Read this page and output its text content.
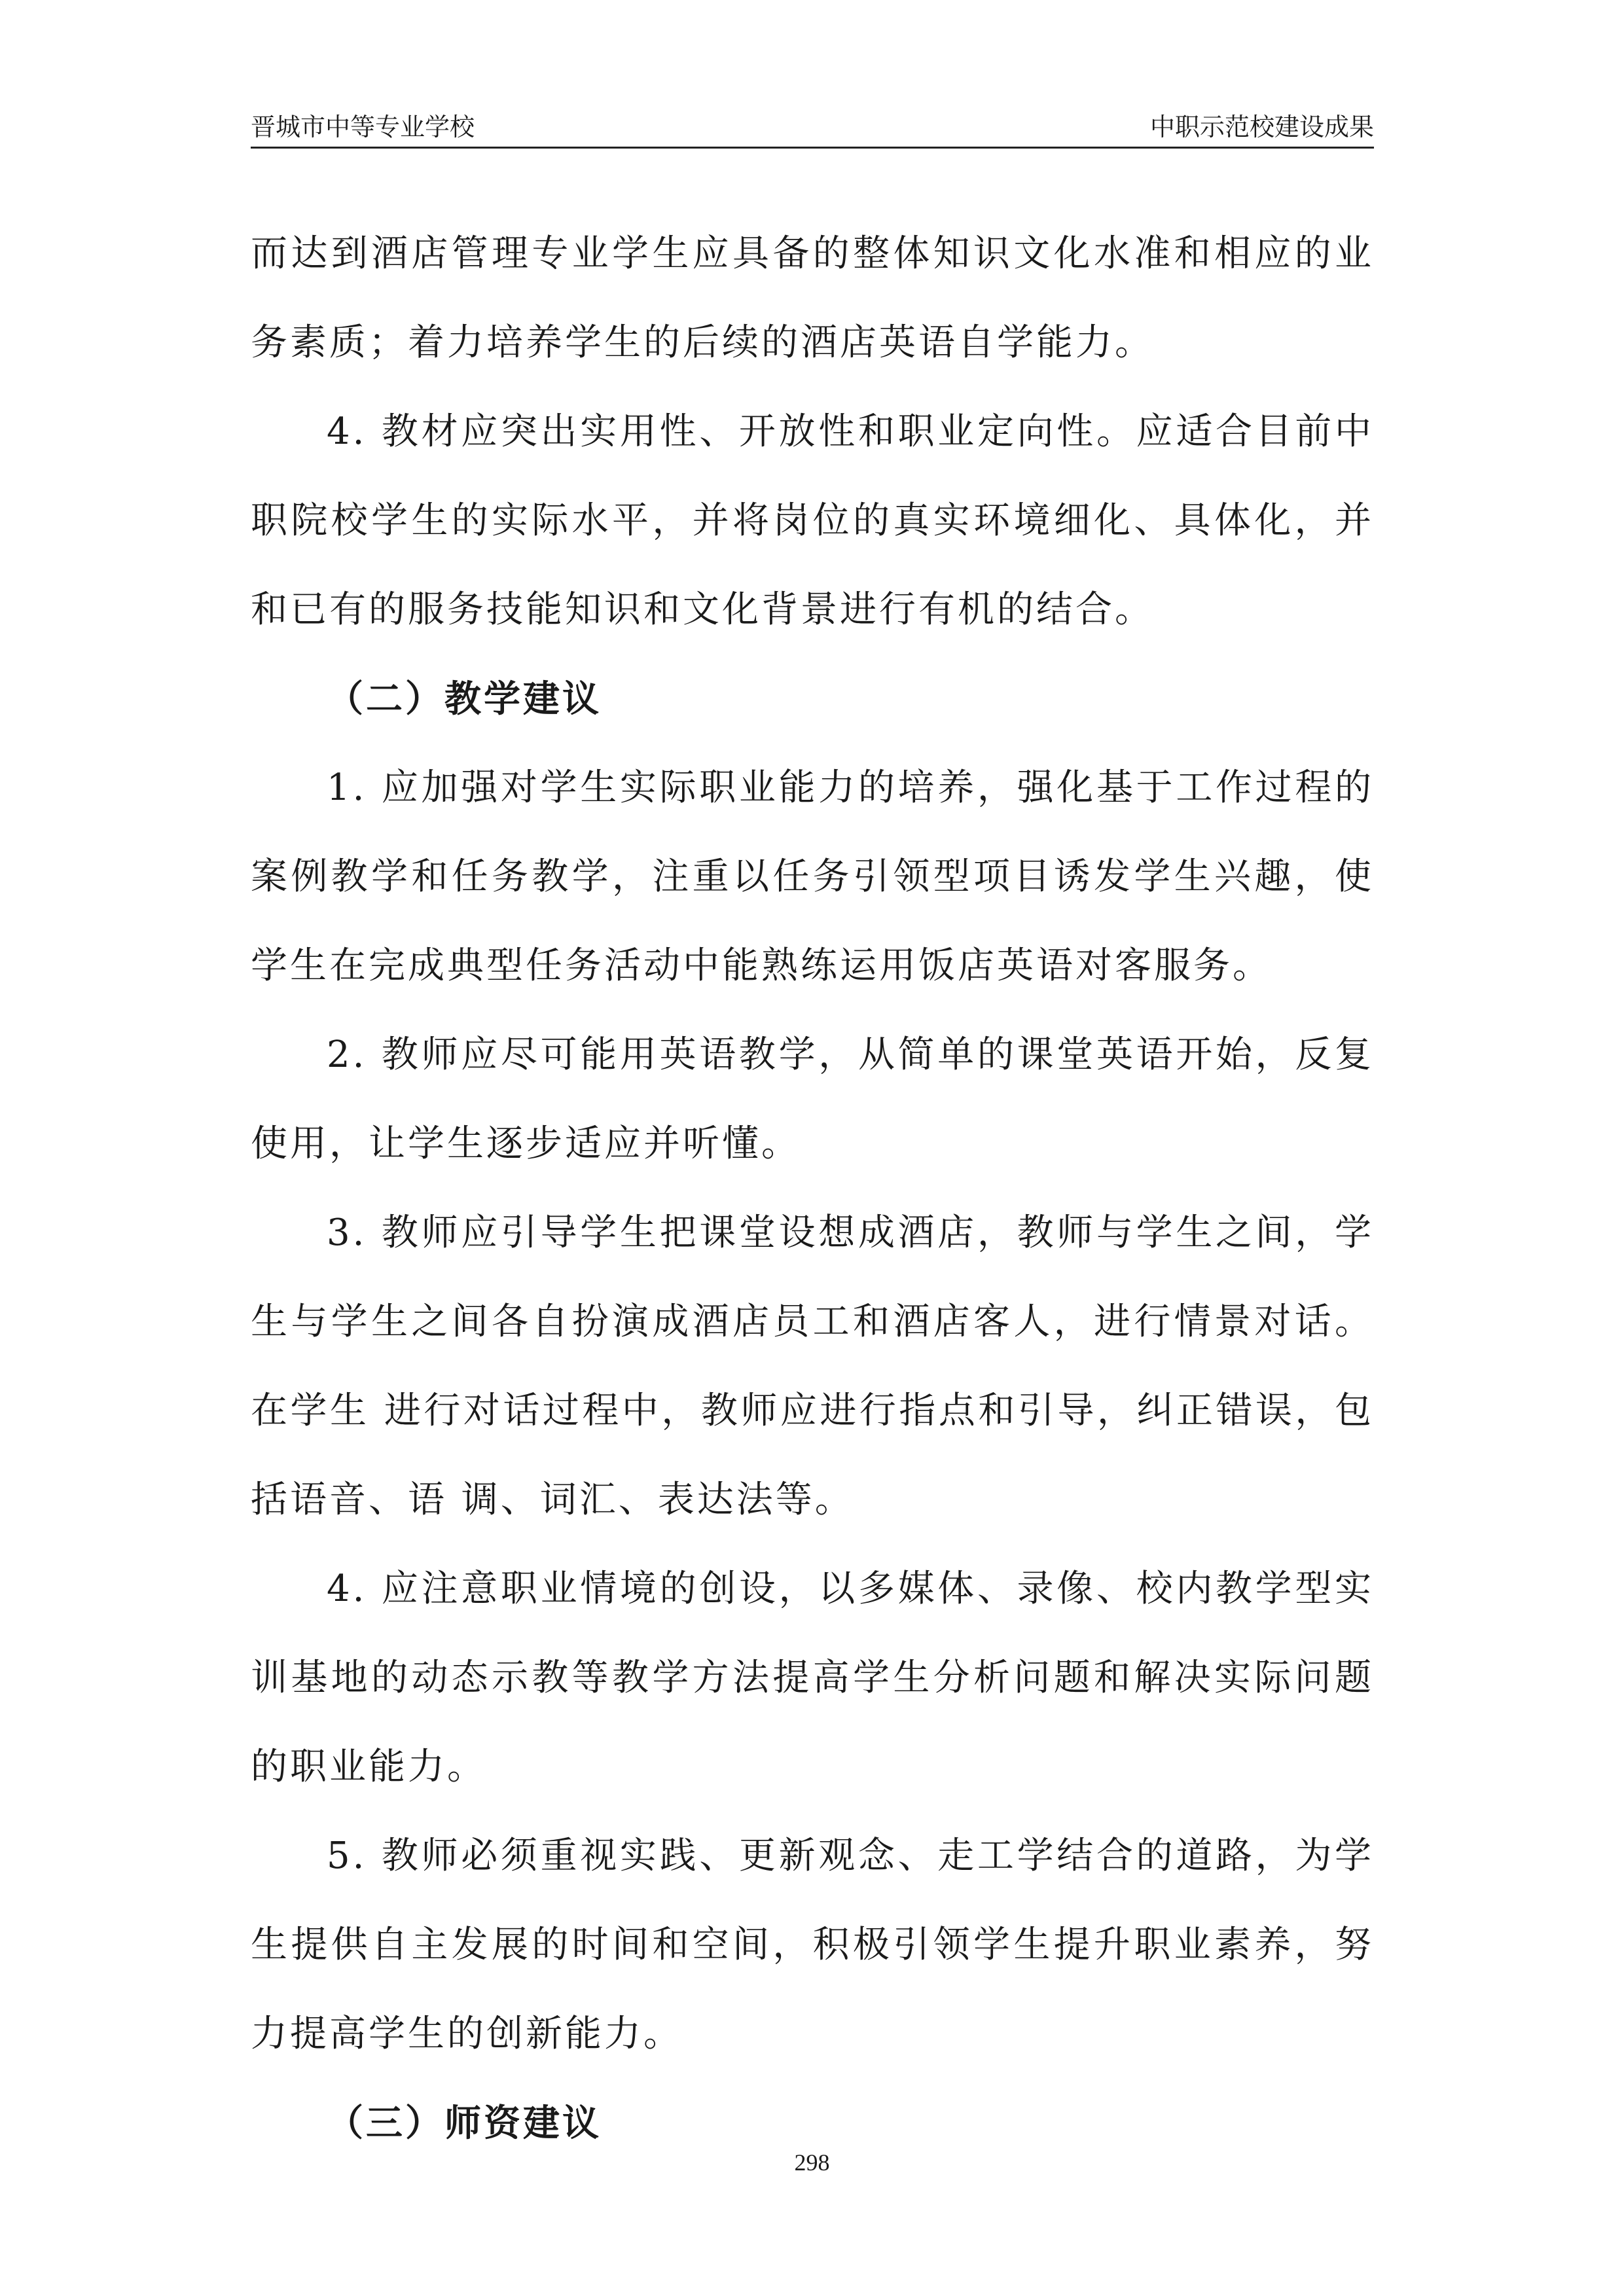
晋城市中等专业学校	中职示范校建设成果

而达到酒店管理专业学生应具备的整体知识文化水准和相应的业务素质；着力培养学生的后续的酒店英语自学能力。

4. 教材应突出实用性、开放性和职业定向性。应适合目前中职院校学生的实际水平，并将岗位的真实环境细化、具体化，并和已有的服务技能知识和文化背景进行有机的结合。

（二）教学建议

1. 应加强对学生实际职业能力的培养，强化基于工作过程的案例教学和任务教学，注重以任务引领型项目诱发学生兴趣，使学生在完成典型任务活动中能熟练运用饭店英语对客服务。

2. 教师应尽可能用英语教学，从简单的课堂英语开始，反复使用，让学生逐步适应并听懂。

3. 教师应引导学生把课堂设想成酒店，教师与学生之间，学生与学生之间各自扮演成酒店员工和酒店客人，进行情景对话。在学生 进行对话过程中，教师应进行指点和引导，纠正错误，包括语音、语 调、词汇、表达法等。

4. 应注意职业情境的创设，以多媒体、录像、校内教学型实训基地的动态示教等教学方法提高学生分析问题和解决实际问题的职业能力。

5. 教师必须重视实践、更新观念、走工学结合的道路，为学生提供自主发展的时间和空间，积极引领学生提升职业素养，努力提高学生的创新能力。

（三）师资建议

298
